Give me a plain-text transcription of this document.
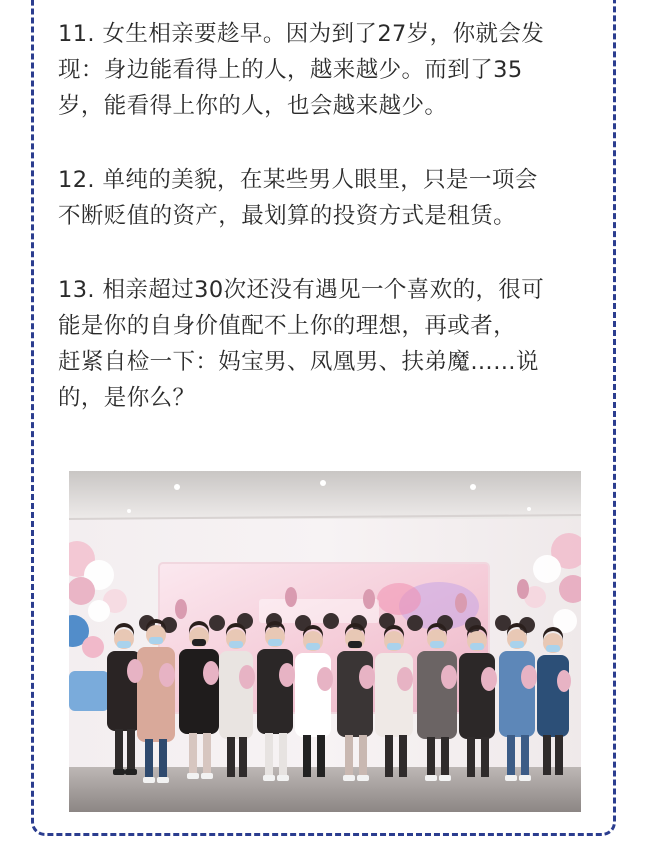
11. 女生相亲要趁早。因为到了27岁，你就会发
现：身边能看得上的人，越来越少。而到了35
岁，能看得上你的人，也会越来越少。

12. 单纯的美貌，在某些男人眼里，只是一项会
不断贬值的资产，最划算的投资方式是租赁。

13. 相亲超过30次还没有遇见一个喜欢的，很可
能是你的自身价值配不上你的理想，再或者，
赶紧自检一下：妈宝男、凤凰男、扶弟魔……说
的，是你么？
